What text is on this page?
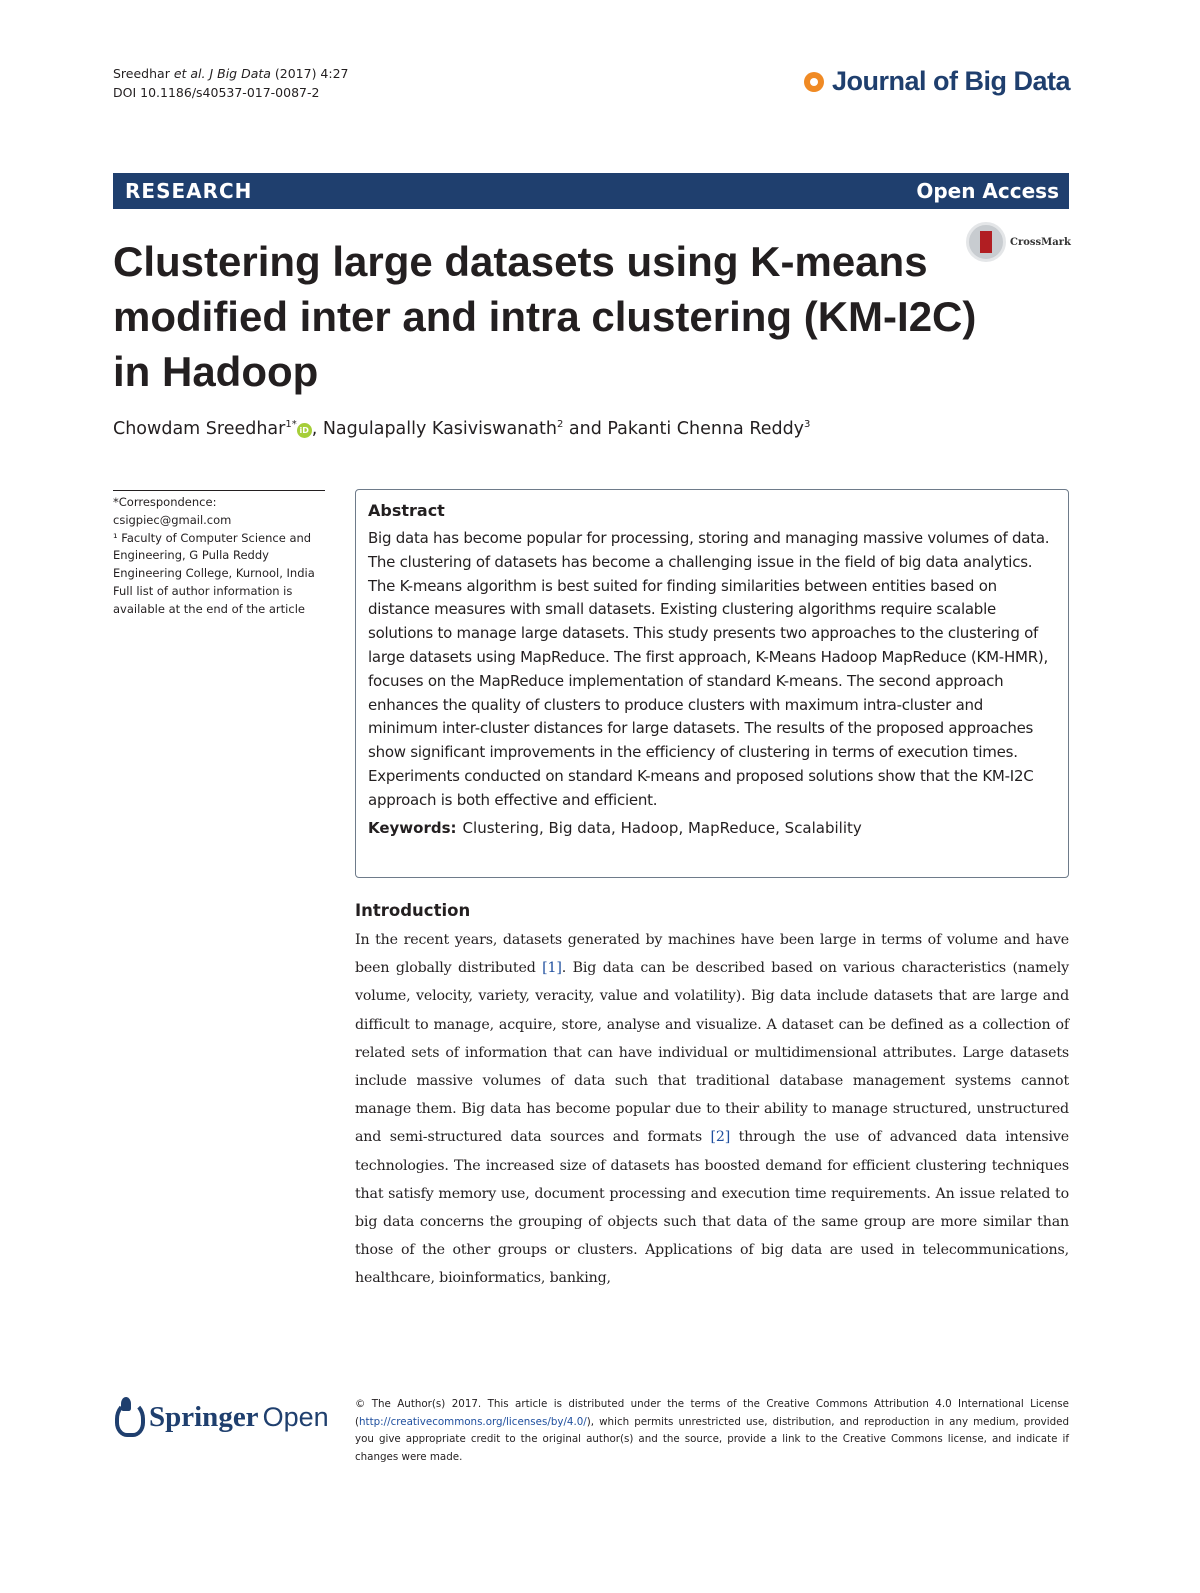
Sreedhar et al. J Big Data (2017) 4:27
DOI 10.1186/s40537-017-0087-2	Journal of Big Data
RESEARCH	Open Access
CrossMark
Clustering large datasets using K-means modified inter and intra clustering (KM-I2C) in Hadoop
Chowdam Sreedhar$^{1*}$iD , Nagulapally Kasiviswanath$^2$ and Pakanti Chenna Reddy$^3$

*Correspondence:
csigpiec@gmail.com
¹ Faculty of Computer Science and Engineering, G Pulla Reddy Engineering College, Kurnool, India
Full list of author information is available at the end of the article

Abstract

Big data has become popular for processing, storing and managing massive volumes of data. The clustering of datasets has become a challenging issue in the field of big data analytics. The K-means algorithm is best suited for finding similarities between entities based on distance measures with small datasets. Existing clustering algorithms require scalable solutions to manage large datasets. This study presents two approaches to the clustering of large datasets using MapReduce. The first approach, K-Means Hadoop MapReduce (KM-HMR), focuses on the MapReduce implementation of standard K-means. The second approach enhances the quality of clusters to produce clusters with maximum intra-cluster and minimum inter-cluster distances for large datasets. The results of the proposed approaches show significant improvements in the efficiency of clustering in terms of execution times. Experiments conducted on standard K-means and proposed solutions show that the KM-I2C approach is both effective and efficient.

Keywords: Clustering, Big data, Hadoop, MapReduce, Scalability
Introduction

In the recent years, datasets generated by machines have been large in terms of volume and have been globally distributed [1]. Big data can be described based on various characteristics (namely volume, velocity, variety, veracity, value and volatility). Big data include datasets that are large and difficult to manage, acquire, store, analyse and visualize. A dataset can be defined as a collection of related sets of information that can have individual or multidimensional attributes. Large datasets include massive volumes of data such that traditional database management systems cannot manage them. Big data has become popular due to their ability to manage structured, unstructured and semi-structured data sources and formats [2] through the use of advanced data intensive technologies. The increased size of datasets has boosted demand for efficient clustering techniques that satisfy memory use, document processing and execution time requirements. An issue related to big data concerns the grouping of objects such that data of the same group are more similar than those of the other groups or clusters. Applications of big data are used in telecommunications, healthcare, bioinformatics, banking,

Springer Open	© The Author(s) 2017. This article is distributed under the terms of the Creative Commons Attribution 4.0 International License (http://creativecommons.org/licenses/by/4.0/), which permits unrestricted use, distribution, and reproduction in any medium, provided you give appropriate credit to the original author(s) and the source, provide a link to the Creative Commons license, and indicate if changes were made.
